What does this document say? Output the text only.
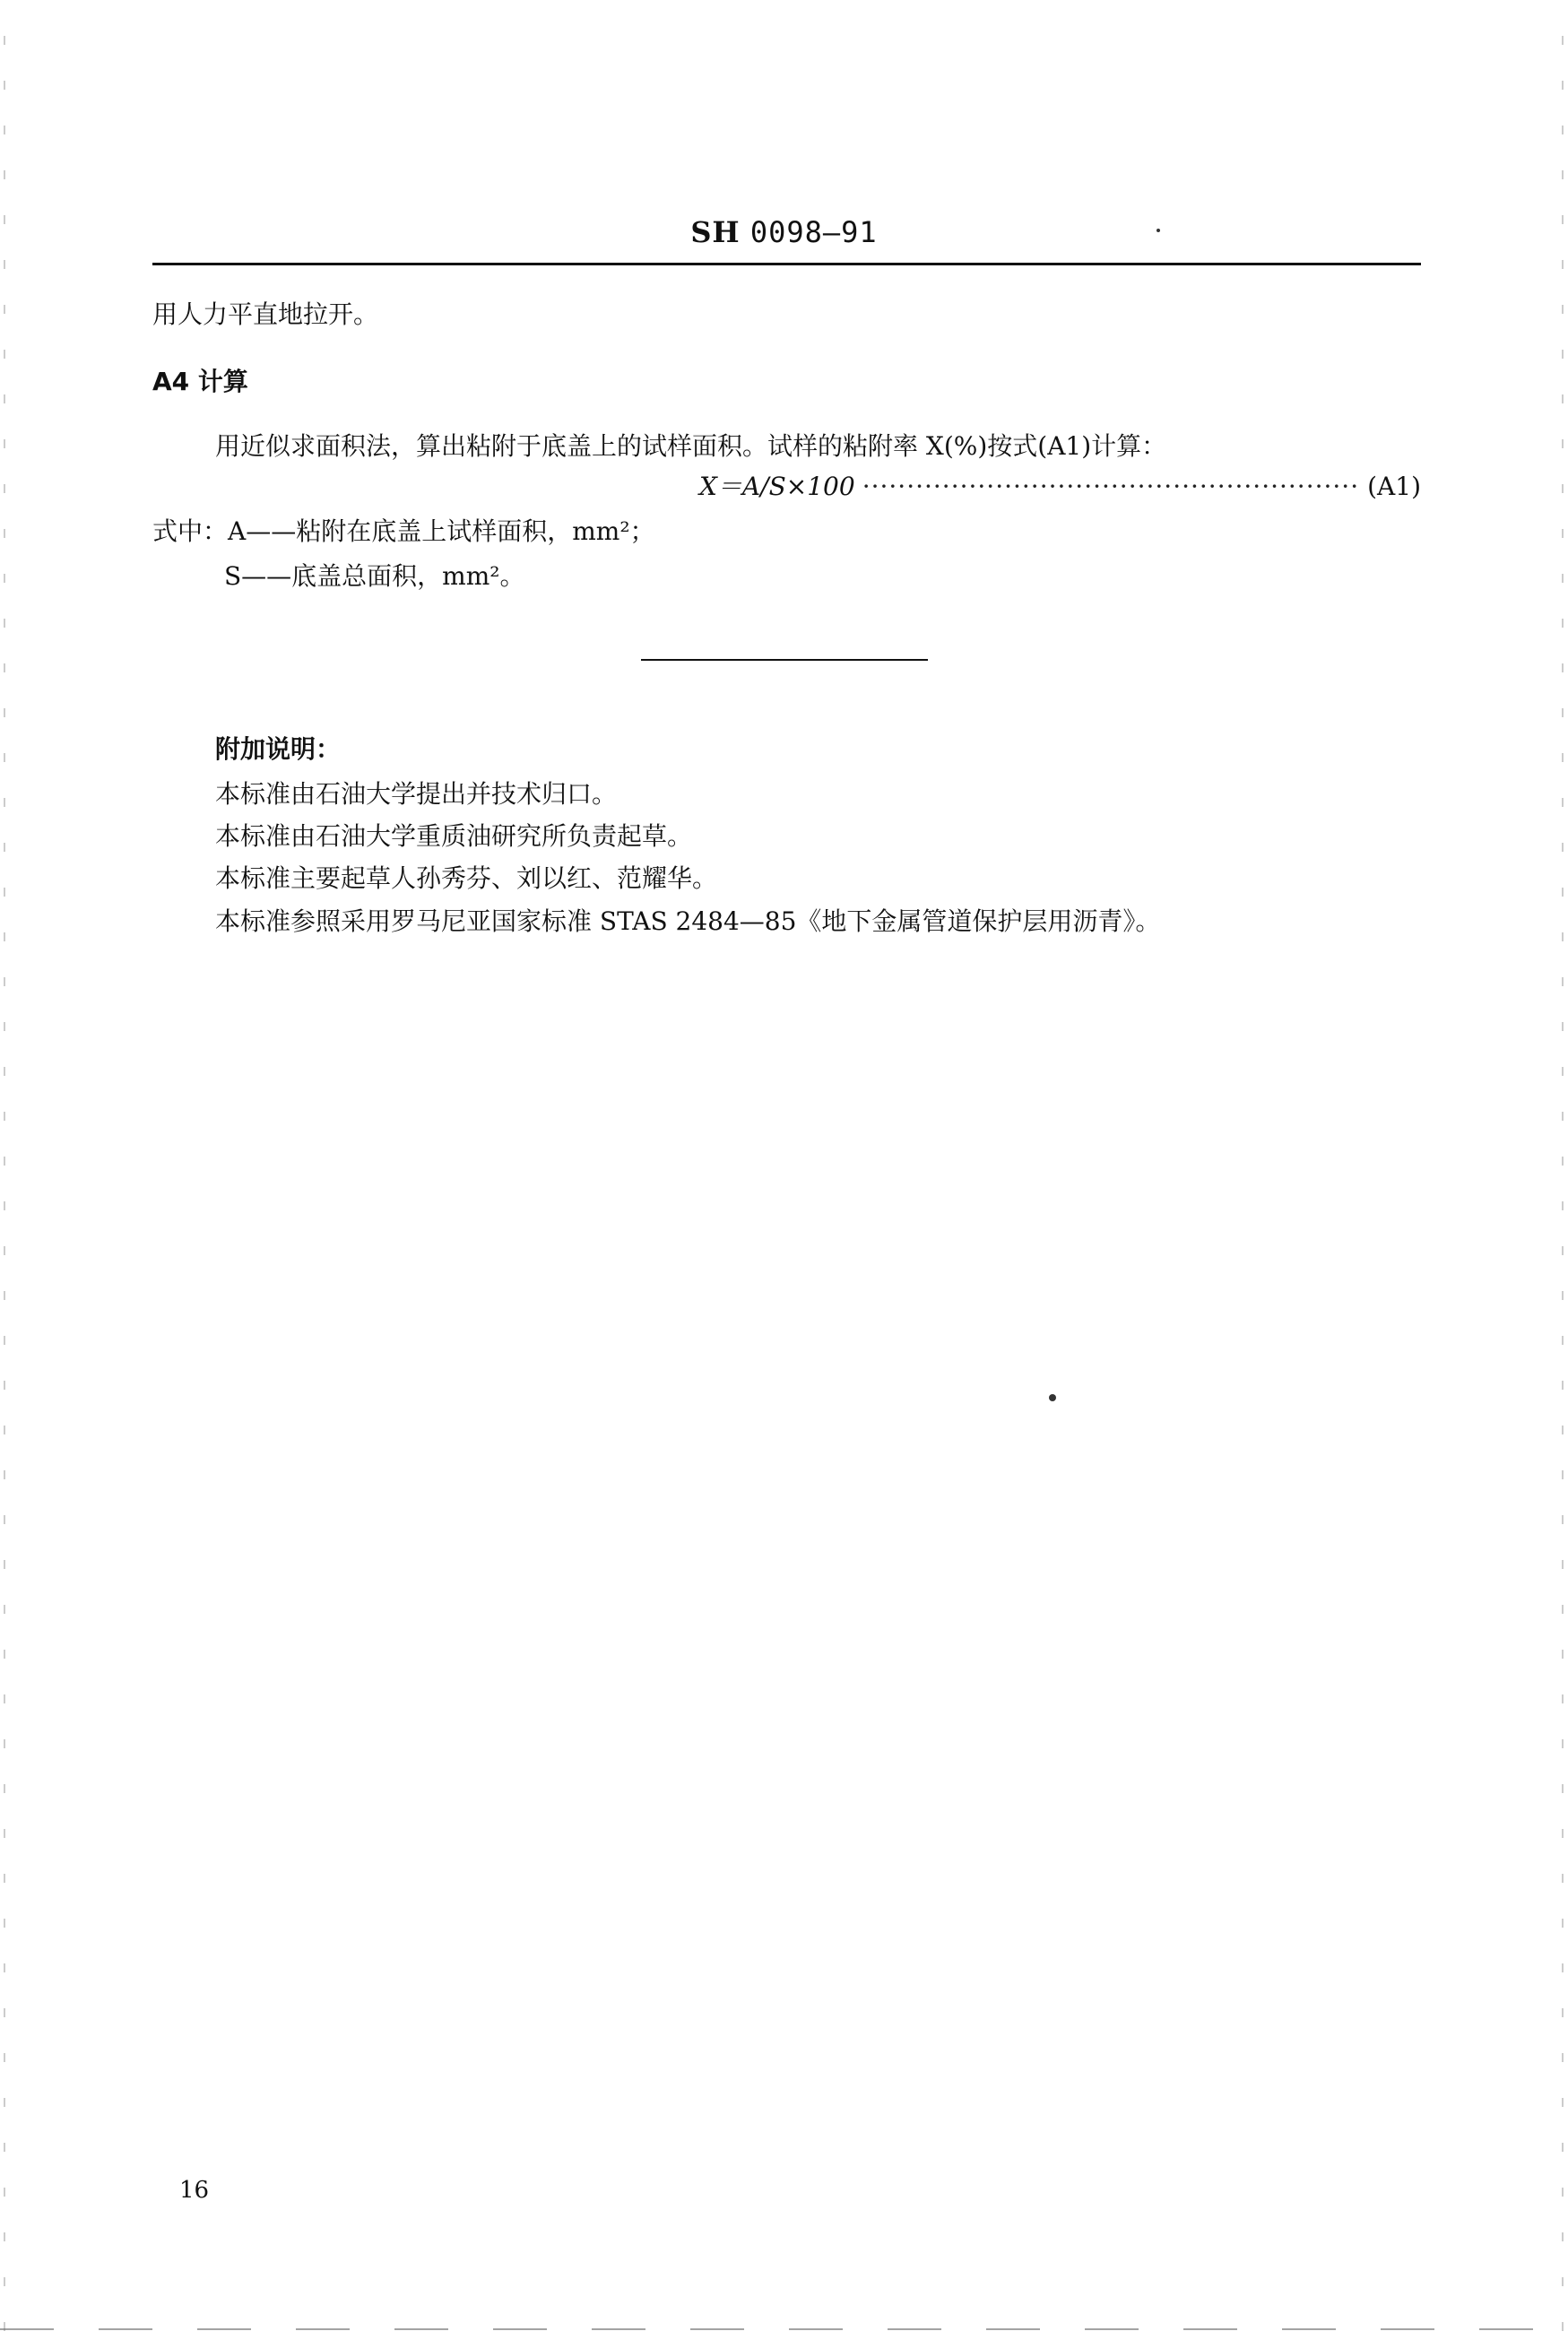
SH 0098—91
用人力平直地拉开。
A4 计算
用近似求面积法，算出粘附于底盖上的试样面积。试样的粘附率 X(%)按式(A1)计算：
X＝A/S×100
·····	(A1)
式中：A——粘附在底盖上试样面积，mm²；
S——底盖总面积，mm²。
附加说明：
本标准由石油大学提出并技术归口。
本标准由石油大学重质油研究所负责起草。
本标准主要起草人孙秀芬、刘以红、范耀华。
本标准参照采用罗马尼亚国家标准 STAS 2484—85《地下金属管道保护层用沥青》。
16
